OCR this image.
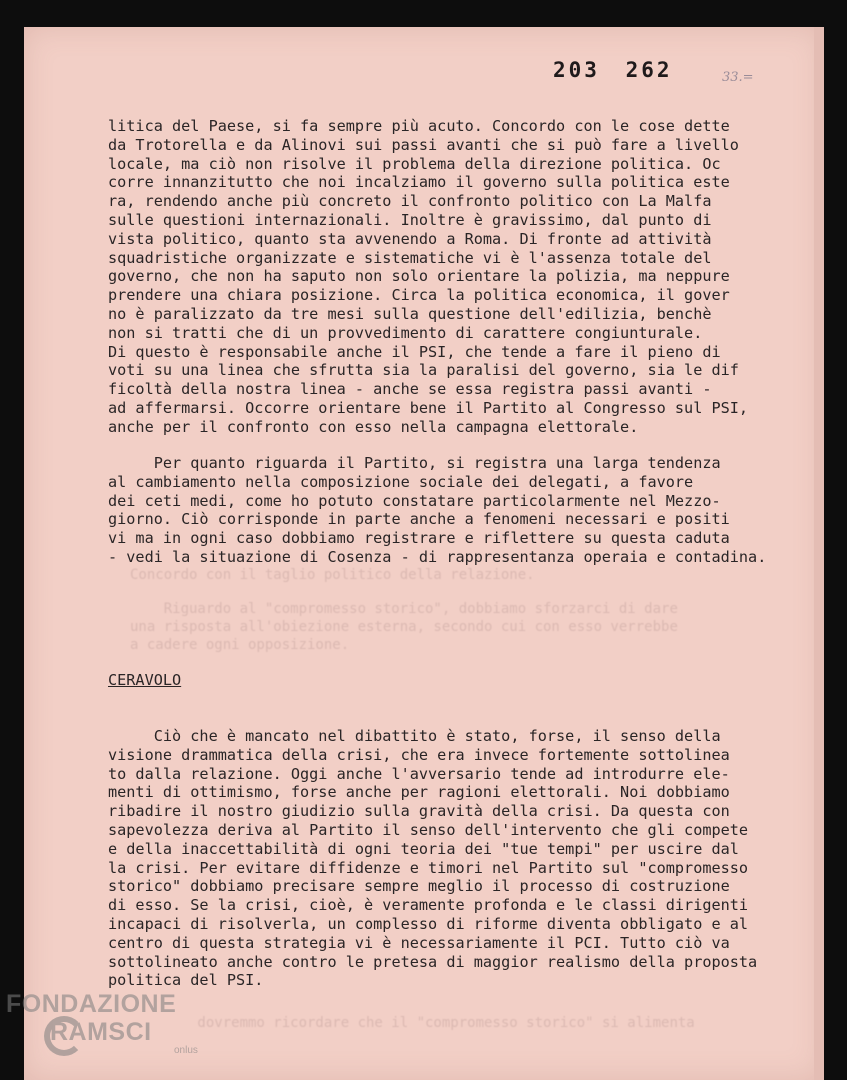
Concordo con il taglio politico della relazione.
Riguardo al "compromesso storico", dobbiamo sforzarci di dare
una risposta all'obiezione esterna, secondo cui con esso verrebbe
a cadere ogni opposizione.
dovremmo ricordare che il "compromesso storico" si alimenta
203 262	33.=
litica del Paese, si fa sempre più acuto. Concordo con le cose dette
da Trotorella e da Alinovi sui passi avanti che si può fare a livello
locale, ma ciò non risolve il problema della direzione politica. Oc
corre innanzitutto che noi incalziamo il governo sulla politica este
ra, rendendo anche più concreto il confronto politico con La Malfa
sulle questioni internazionali. Inoltre è gravissimo, dal punto di
vista politico, quanto sta avvenendo a Roma. Di fronte ad attività
squadristiche organizzate e sistematiche vi è l'assenza totale del
governo, che non ha saputo non solo orientare la polizia, ma neppure
prendere una chiara posizione. Circa la politica economica, il gover
no è paralizzato da tre mesi sulla questione dell'edilizia, benchè
non si tratti che di un provvedimento di carattere congiunturale.
Di questo è responsabile anche il PSI, che tende a fare il pieno di
voti su una linea che sfrutta sia la paralisi del governo, sia le dif
ficoltà della nostra linea - anche se essa registra passi avanti -
ad affermarsi. Occorre orientare bene il Partito al Congresso sul PSI,
anche per il confronto con esso nella campagna elettorale.
Per quanto riguarda il Partito, si registra una larga tendenza
al cambiamento nella composizione sociale dei delegati, a favore
dei ceti medi, come ho potuto constatare particolarmente nel Mezzo-
giorno. Ciò corrisponde in parte anche a fenomeni necessari e positi
vi ma in ogni caso dobbiamo registrare e riflettere su questa caduta
- vedi la situazione di Cosenza - di rappresentanza operaia e contadina.
CERAVOLO
Ciò che è mancato nel dibattito è stato, forse, il senso della
visione drammatica della crisi, che era invece fortemente sottolinea
to dalla relazione. Oggi anche l'avversario tende ad introdurre ele-
menti di ottimismo, forse anche per ragioni elettorali. Noi dobbiamo
ribadire il nostro giudizio sulla gravità della crisi. Da questa con
sapevolezza deriva al Partito il senso dell'intervento che gli compete
e della inaccettabilità di ogni teoria dei "tue tempi" per uscire dal
la crisi. Per evitare diffidenze e timori nel Partito sul "compromesso
storico" dobbiamo precisare sempre meglio il processo di costruzione
di esso. Se la crisi, cioè, è veramente profonda e le classi dirigenti
incapaci di risolverla, un complesso di riforme diventa obbligato e al
centro di questa strategia vi è necessariamente il PCI. Tutto ciò va
sottolineato anche contro le pretesa di maggior realismo della proposta
politica del PSI.
FONDAZIONE
RAMSCI
onlus
